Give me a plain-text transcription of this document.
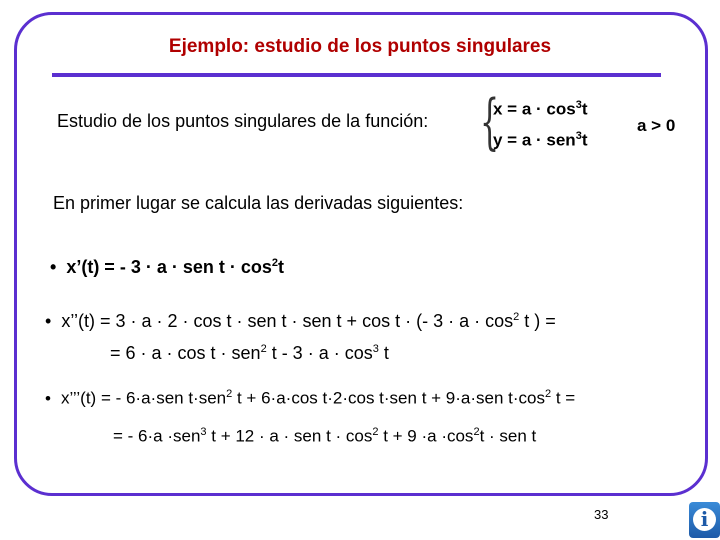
Ejemplo: estudio de los puntos singulares
Estudio de los puntos singulares de la función: {
$x = a \cdot \cos^3t$
y = a · sen$^3$t
a > 0
En primer lugar se calcula las derivadas siguientes:
• x’(t) = - 3 · a · sen $t \cdot \cos^2t$
• x’’(t) = 3 · a · 2 · cos t · sen t · sen t + cos t · (- $3 \cdot a \cdot \cos^2 t$ ) =
= 6 · a · cos t · sen$^2$ $t - 3 \cdot a \cdot \cos^3 t$
• x’’’(t) = - 6·a·sen t·sen$^2$ t + 6·a·cos t·2·cos t·sen t + 9·a·sen $t\cdot\cos^2$ t =
= - 6·a ·sen$^3$ t + 12 · a · sen $t \cdot \cos^2 t + 9 \cdot a \cdot\cos^2t$ · sen t
33	i
